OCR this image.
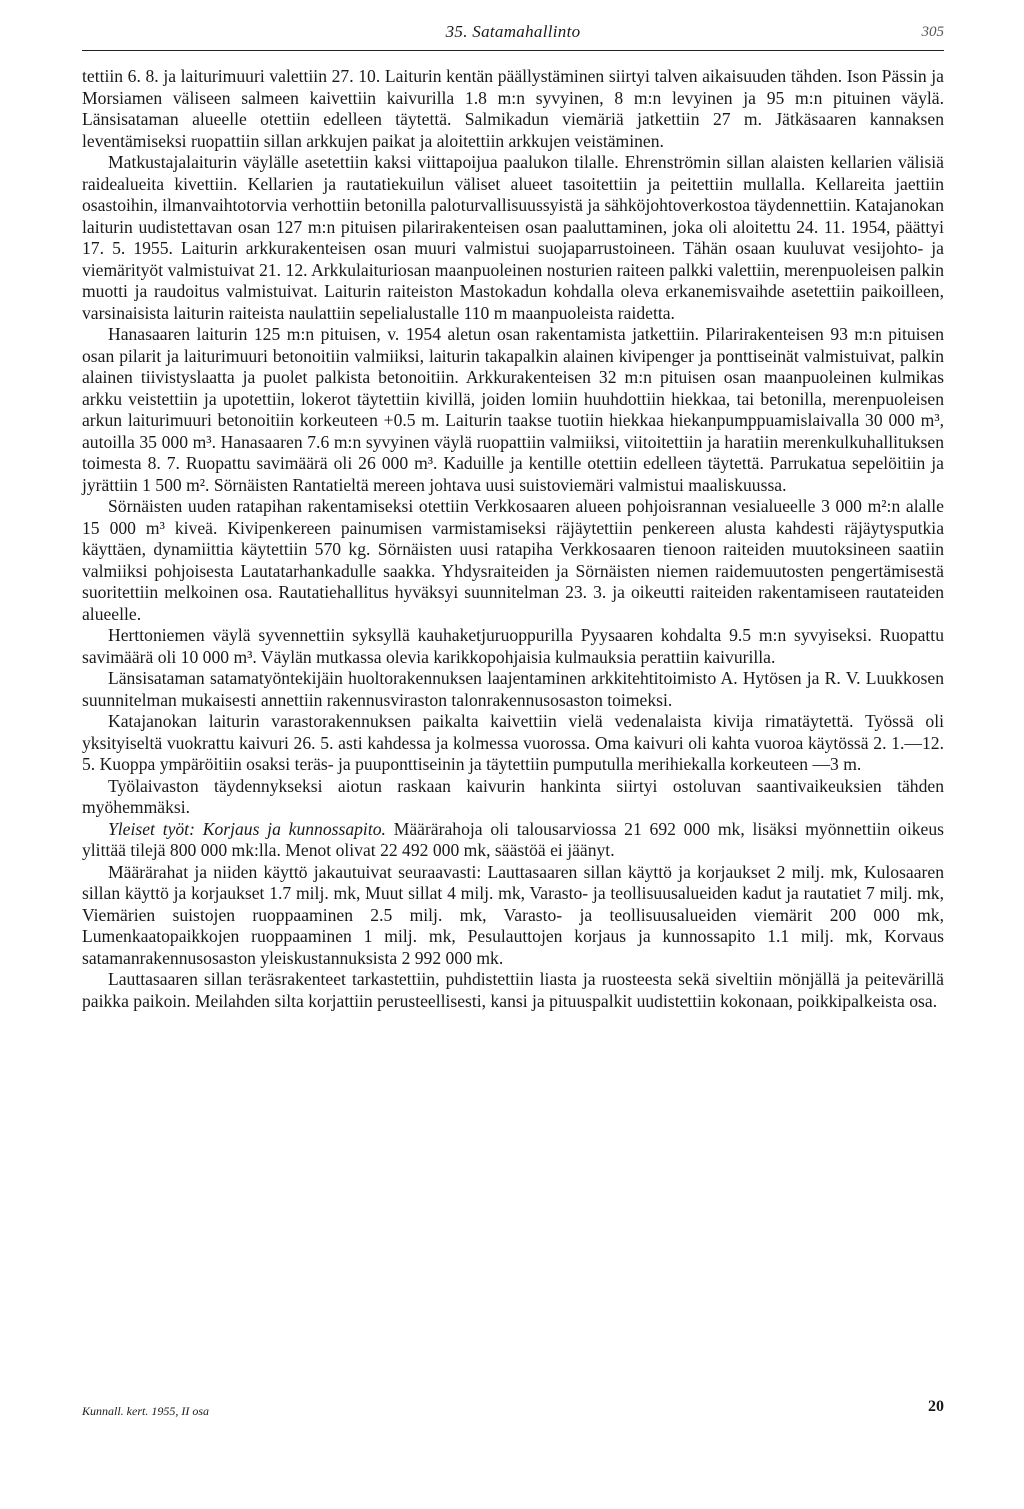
35. Satamahallinto	305

tettiin 6. 8. ja laiturimuuri valettiin 27. 10. Laiturin kentän päällystäminen siirtyi talven aikaisuuden tähden. Ison Pässin ja Morsiamen väliseen salmeen kaivettiin kaivurilla 1.8 m:n syvyinen, 8 m:n levyinen ja 95 m:n pituinen väylä. Länsisataman alueelle otettiin edelleen täytettä. Salmikadun viemäriä jatkettiin 27 m. Jätkäsaaren kannaksen leventämiseksi ruopattiin sillan arkkujen paikat ja aloitettiin arkkujen veistäminen.

Matkustajalaiturin väylälle asetettiin kaksi viittapoijua paalukon tilalle. Ehrenströmin sillan alaisten kellarien välisiä raidealueita kivettiin. Kellarien ja rautatiekuilun väliset alueet tasoitettiin ja peitettiin mullalla. Kellareita jaettiin osastoihin, ilmanvaihtotorvia verhottiin betonilla paloturvallisuussyistä ja sähköjohtoverkostoa täydennettiin. Katajanokan laiturin uudistettavan osan 127 m:n pituisen pilarirakenteisen osan paaluttaminen, joka oli aloitettu 24. 11. 1954, päättyi 17. 5. 1955. Laiturin arkkurakenteisen osan muuri valmistui suojaparrustoineen. Tähän osaan kuuluvat vesijohto- ja viemärityöt valmistuivat 21. 12. Arkkulaituriosan maanpuoleinen nosturien raiteen palkki valettiin, merenpuoleisen palkin muotti ja raudoitus valmistuivat. Laiturin raiteiston Mastokadun kohdalla oleva erkanemisvaihde asetettiin paikoilleen, varsinaisista laiturin raiteista naulattiin sepelialustalle 110 m maanpuoleista raidetta.

Hanasaaren laiturin 125 m:n pituisen, v. 1954 aletun osan rakentamista jatkettiin. Pilarirakenteisen 93 m:n pituisen osan pilarit ja laiturimuuri betonoitiin valmiiksi, laiturin takapalkin alainen kivipenger ja ponttiseinät valmistuivat, palkin alainen tiivistyslaatta ja puolet palkista betonoitiin. Arkkurakenteisen 32 m:n pituisen osan maanpuoleinen kulmikas arkku veistettiin ja upotettiin, lokerot täytettiin kivillä, joiden lomiin huuhdottiin hiekkaa, tai betonilla, merenpuoleisen arkun laiturimuuri betonoitiin korkeuteen +0.5 m. Laiturin taakse tuotiin hiekkaa hiekanpumppuamislaivalla 30 000 m³, autoilla 35 000 m³. Hanasaaren 7.6 m:n syvyinen väylä ruopattiin valmiiksi, viitoitettiin ja haratiin merenkulkuhallituksen toimesta 8. 7. Ruopattu savimäärä oli 26 000 m³. Kaduille ja kentille otettiin edelleen täytettä. Parrukatua sepelöitiin ja jyrättiin 1 500 m². Sörnäisten Rantatieltä mereen johtava uusi suistoviemäri valmistui maaliskuussa.

Sörnäisten uuden ratapihan rakentamiseksi otettiin Verkkosaaren alueen pohjoisrannan vesialueelle 3 000 m²:n alalle 15 000 m³ kiveä. Kivipenkereen painumisen varmistamiseksi räjäytettiin penkereen alusta kahdesti räjäytysputkia käyttäen, dynamiittia käytettiin 570 kg. Sörnäisten uusi ratapiha Verkkosaaren tienoon raiteiden muutoksineen saatiin valmiiksi pohjoisesta Lautatarhankadulle saakka. Yhdysraiteiden ja Sörnäisten niemen raidemuutosten pengertämisestä suoritettiin melkoinen osa. Rautatiehallitus hyväksyi suunnitelman 23. 3. ja oikeutti raiteiden rakentamiseen rautateiden alueelle.

Herttoniemen väylä syvennettiin syksyllä kauhaketjuruoppurilla Pyysaaren kohdalta 9.5 m:n syvyiseksi. Ruopattu savimäärä oli 10 000 m³. Väylän mutkassa olevia karikkopohjaisia kulmauksia perattiin kaivurilla.

Länsisataman satamatyöntekijäin huoltorakennuksen laajentaminen arkkitehtitoimisto A. Hytösen ja R. V. Luukkosen suunnitelman mukaisesti annettiin rakennusviraston talonrakennusosaston toimeksi.

Katajanokan laiturin varastorakennuksen paikalta kaivettiin vielä vedenalaista kivija rimatäytettä. Työssä oli yksityiseltä vuokrattu kaivuri 26. 5. asti kahdessa ja kolmessa vuorossa. Oma kaivuri oli kahta vuoroa käytössä 2. 1.—12. 5. Kuoppa ympäröitiin osaksi teräs- ja puuponttiseinin ja täytettiin pumputulla merihiekalla korkeuteen —3 m.

Työlaivaston täydennykseksi aiotun raskaan kaivurin hankinta siirtyi ostoluvan saantivaikeuksien tähden myöhemmäksi.

Yleiset työt: Korjaus ja kunnossapito. Määrärahoja oli talousarviossa 21 692 000 mk, lisäksi myönnettiin oikeus ylittää tilejä 800 000 mk:lla. Menot olivat 22 492 000 mk, säästöä ei jäänyt.

Määrärahat ja niiden käyttö jakautuivat seuraavasti: Lauttasaaren sillan käyttö ja korjaukset 2 milj. mk, Kulosaaren sillan käyttö ja korjaukset 1.7 milj. mk, Muut sillat 4 milj. mk, Varasto- ja teollisuusalueiden kadut ja rautatiet 7 milj. mk, Viemärien suistojen ruoppaaminen 2.5 milj. mk, Varasto- ja teollisuusalueiden viemärit 200 000 mk, Lumenkaatopaikkojen ruoppaaminen 1 milj. mk, Pesulauttojen korjaus ja kunnossapito 1.1 milj. mk, Korvaus satamanrakennusosaston yleiskustannuksista 2 992 000 mk.

Lauttasaaren sillan teräsrakenteet tarkastettiin, puhdistettiin liasta ja ruosteesta sekä siveltiin mönjällä ja peitevärillä paikka paikoin. Meilahden silta korjattiin perusteellisesti, kansi ja pituuspalkit uudistettiin kokonaan, poikkipalkeista osa.

Kunnall. kert. 1955, II osa	20
